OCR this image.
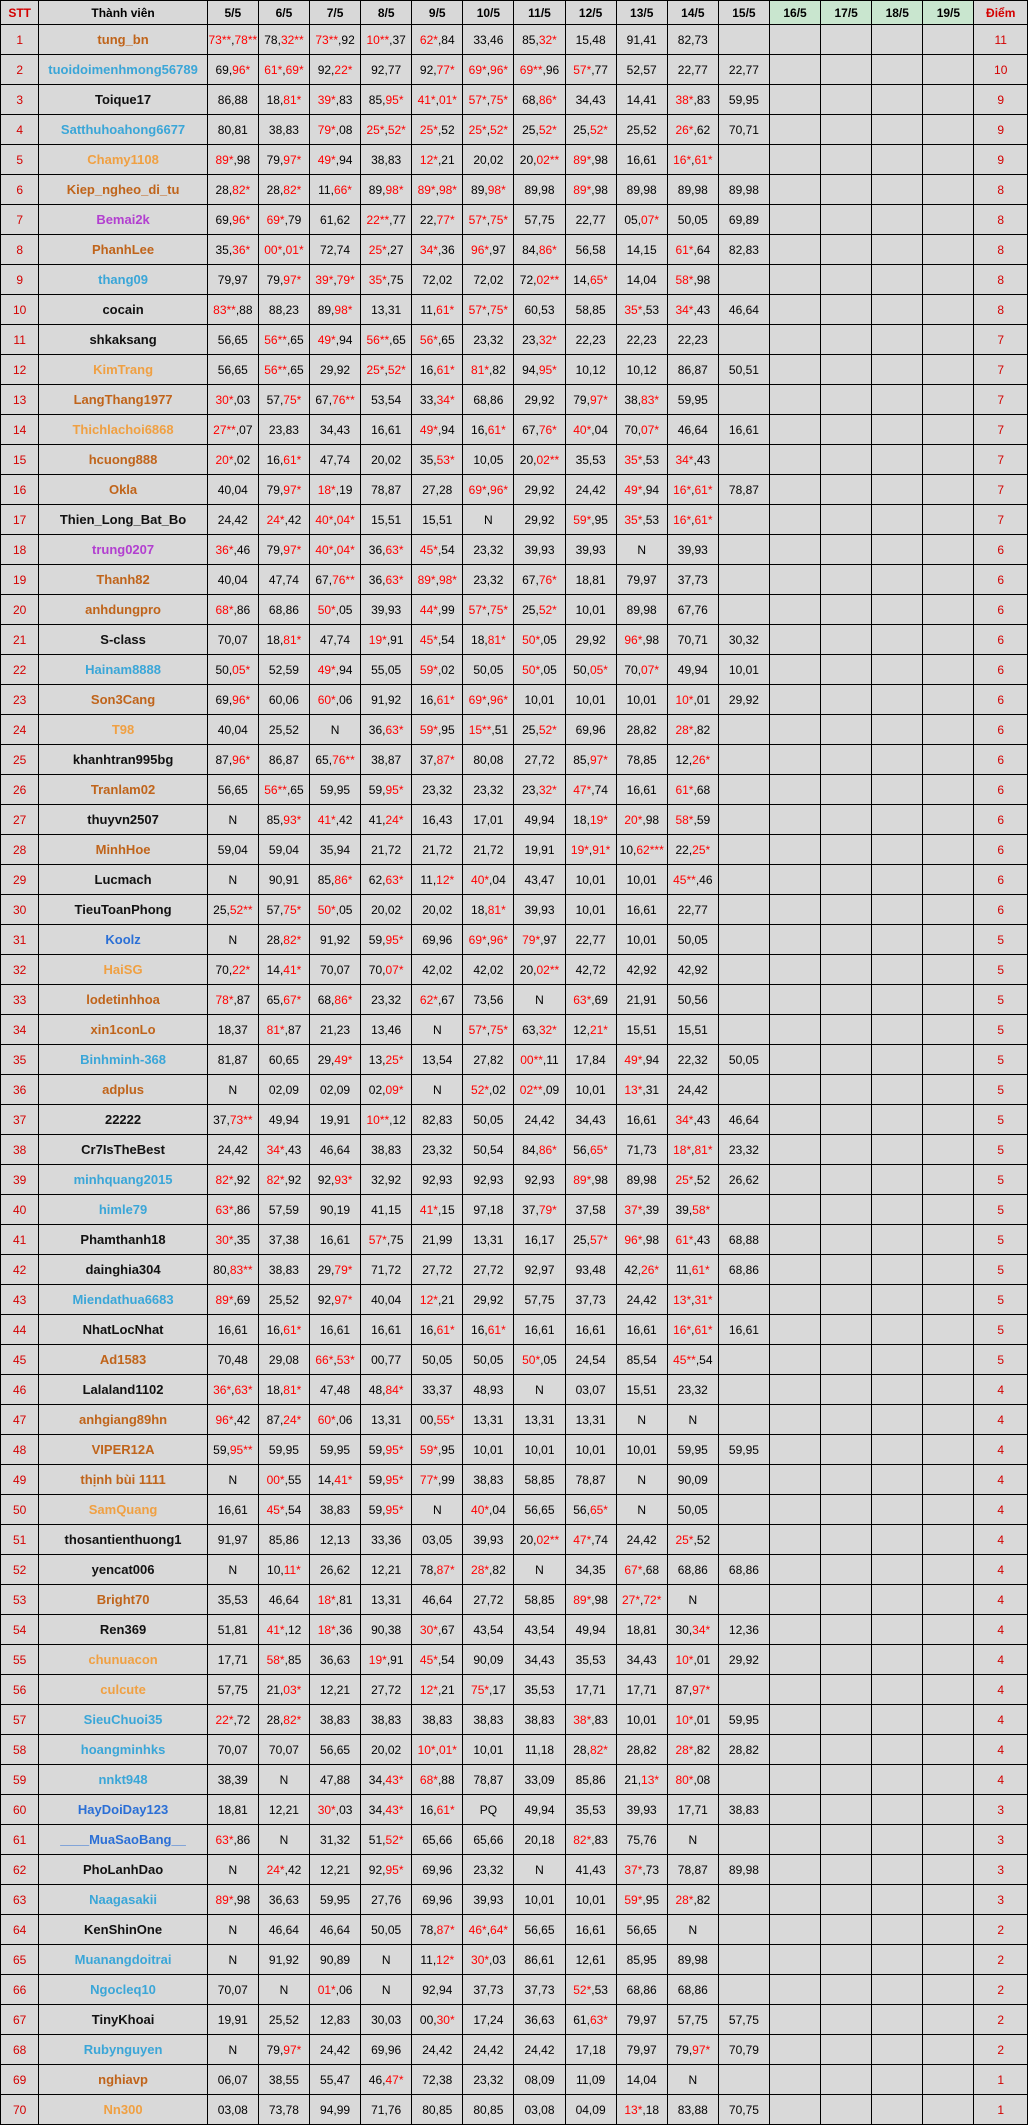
STT	Thành viên	5/5	6/5	7/5	8/5	9/5	10/5	11/5	12/5	13/5	14/5	15/5	16/5	17/5	18/5	19/5	Điểm
1	tung_bn	73**,78**	78,32**	73**,92	10**,37	62*,84	33,46	85,32*	15,48	91,41	82,73						11
2	tuoidoimenhmong56789	69,96*	61*,69*	92,22*	92,77	92,77*	69*,96*	69**,96	57*,77	52,57	22,77	22,77					10
3	Toique17	86,88	18,81*	39*,83	85,95*	41*,01*	57*,75*	68,86*	34,43	14,41	38*,83	59,95					9
4	Satthuhoahong6677	80,81	38,83	79*,08	25*,52*	25*,52	25*,52*	25,52*	25,52*	25,52	26*,62	70,71					9
5	Chamy1108	89*,98	79,97*	49*,94	38,83	12*,21	20,02	20,02**	89*,98	16,61	16*,61*						9
6	Kiep_ngheo_di_tu	28,82*	28,82*	11,66*	89,98*	89*,98*	89,98*	89,98	89*,98	89,98	89,98	89,98					8
7	Bemai2k	69,96*	69*,79	61,62	22**,77	22,77*	57*,75*	57,75	22,77	05,07*	50,05	69,89					8
8	PhanhLee	35,36*	00*,01*	72,74	25*,27	34*,36	96*,97	84,86*	56,58	14,15	61*,64	82,83					8
9	thang09	79,97	79,97*	39*,79*	35*,75	72,02	72,02	72,02**	14,65*	14,04	58*,98						8
10	cocain	83**,88	88,23	89,98*	13,31	11,61*	57*,75*	60,53	58,85	35*,53	34*,43	46,64					8
11	shkaksang	56,65	56**,65	49*,94	56**,65	56*,65	23,32	23,32*	22,23	22,23	22,23						7
12	KimTrang	56,65	56**,65	29,92	25*,52*	16,61*	81*,82	94,95*	10,12	10,12	86,87	50,51					7
13	LangThang1977	30*,03	57,75*	67,76**	53,54	33,34*	68,86	29,92	79,97*	38,83*	59,95						7
14	Thichlachoi6868	27**,07	23,83	34,43	16,61	49*,94	16,61*	67,76*	40*,04	70,07*	46,64	16,61					7
15	hcuong888	20*,02	16,61*	47,74	20,02	35,53*	10,05	20,02**	35,53	35*,53	34*,43						7
16	Okla	40,04	79,97*	18*,19	78,87	27,28	69*,96*	29,92	24,42	49*,94	16*,61*	78,87					7
17	Thien_Long_Bat_Bo	24,42	24*,42	40*,04*	15,51	15,51	N	29,92	59*,95	35*,53	16*,61*						7
18	trung0207	36*,46	79,97*	40*,04*	36,63*	45*,54	23,32	39,93	39,93	N	39,93						6
19	Thanh82	40,04	47,74	67,76**	36,63*	89*,98*	23,32	67,76*	18,81	79,97	37,73						6
20	anhdungpro	68*,86	68,86	50*,05	39,93	44*,99	57*,75*	25,52*	10,01	89,98	67,76						6
21	S-class	70,07	18,81*	47,74	19*,91	45*,54	18,81*	50*,05	29,92	96*,98	70,71	30,32					6
22	Hainam8888	50,05*	52,59	49*,94	55,05	59*,02	50,05	50*,05	50,05*	70,07*	49,94	10,01					6
23	Son3Cang	69,96*	60,06	60*,06	91,92	16,61*	69*,96*	10,01	10,01	10,01	10*,01	29,92					6
24	T98	40,04	25,52	N	36,63*	59*,95	15**,51	25,52*	69,96	28,82	28*,82						6
25	khanhtran995bg	87,96*	86,87	65,76**	38,87	37,87*	80,08	27,72	85,97*	78,85	12,26*						6
26	Tranlam02	56,65	56**,65	59,95	59,95*	23,32	23,32	23,32*	47*,74	16,61	61*,68						6
27	thuyvn2507	N	85,93*	41*,42	41,24*	16,43	17,01	49,94	18,19*	20*,98	58*,59						6
28	MinhHoe	59,04	59,04	35,94	21,72	21,72	21,72	19,91	19*,91*	10,62***	22,25*						6
29	Lucmach	N	90,91	85,86*	62,63*	11,12*	40*,04	43,47	10,01	10,01	45**,46						6
30	TieuToanPhong	25,52**	57,75*	50*,05	20,02	20,02	18,81*	39,93	10,01	16,61	22,77						6
31	Koolz	N	28,82*	91,92	59,95*	69,96	69*,96*	79*,97	22,77	10,01	50,05						5
32	HaiSG	70,22*	14,41*	70,07	70,07*	42,02	42,02	20,02**	42,72	42,92	42,92						5
33	lodetinhhoa	78*,87	65,67*	68,86*	23,32	62*,67	73,56	N	63*,69	21,91	50,56						5
34	xin1conLo	18,37	81*,87	21,23	13,46	N	57*,75*	63,32*	12,21*	15,51	15,51						5
35	Binhminh-368	81,87	60,65	29,49*	13,25*	13,54	27,82	00**,11	17,84	49*,94	22,32	50,05					5
36	adplus	N	02,09	02,09	02,09*	N	52*,02	02**,09	10,01	13*,31	24,42						5
37	22222	37,73**	49,94	19,91	10**,12	82,83	50,05	24,42	34,43	16,61	34*,43	46,64					5
38	Cr7IsTheBest	24,42	34*,43	46,64	38,83	23,32	50,54	84,86*	56,65*	71,73	18*,81*	23,32					5
39	minhquang2015	82*,92	82*,92	92,93*	32,92	92,93	92,93	92,93	89*,98	89,98	25*,52	26,62					5
40	himle79	63*,86	57,59	90,19	41,15	41*,15	97,18	37,79*	37,58	37*,39	39,58*						5
41	Phamthanh18	30*,35	37,38	16,61	57*,75	21,99	13,31	16,17	25,57*	96*,98	61*,43	68,88					5
42	dainghia304	80,83**	38,83	29,79*	71,72	27,72	27,72	92,97	93,48	42,26*	11,61*	68,86					5
43	Miendathua6683	89*,69	25,52	92,97*	40,04	12*,21	29,92	57,75	37,73	24,42	13*,31*						5
44	NhatLocNhat	16,61	16,61*	16,61	16,61	16,61*	16,61*	16,61	16,61	16,61	16*,61*	16,61					5
45	Ad1583	70,48	29,08	66*,53*	00,77	50,05	50,05	50*,05	24,54	85,54	45**,54						5
46	Lalaland1102	36*,63*	18,81*	47,48	48,84*	33,37	48,93	N	03,07	15,51	23,32						4
47	anhgiang89hn	96*,42	87,24*	60*,06	13,31	00,55*	13,31	13,31	13,31	N	N						4
48	VIPER12A	59,95**	59,95	59,95	59,95*	59*,95	10,01	10,01	10,01	10,01	59,95	59,95					4
49	thịnh bùi 1111	N	00*,55	14,41*	59,95*	77*,99	38,83	58,85	78,87	N	90,09						4
50	SamQuang	16,61	45*,54	38,83	59,95*	N	40*,04	56,65	56,65*	N	50,05						4
51	thosantienthuong1	91,97	85,86	12,13	33,36	03,05	39,93	20,02**	47*,74	24,42	25*,52						4
52	yencat006	N	10,11*	26,62	12,21	78,87*	28*,82	N	34,35	67*,68	68,86	68,86					4
53	Bright70	35,53	46,64	18*,81	13,31	46,64	27,72	58,85	89*,98	27*,72*	N						4
54	Ren369	51,81	41*,12	18*,36	90,38	30*,67	43,54	43,54	49,94	18,81	30,34*	12,36					4
55	chunuacon	17,71	58*,85	36,63	19*,91	45*,54	90,09	34,43	35,53	34,43	10*,01	29,92					4
56	culcute	57,75	21,03*	12,21	27,72	12*,21	75*,17	35,53	17,71	17,71	87,97*						4
57	SieuChuoi35	22*,72	28,82*	38,83	38,83	38,83	38,83	38,83	38*,83	10,01	10*,01	59,95					4
58	hoangminhks	70,07	70,07	56,65	20,02	10*,01*	10,01	11,18	28,82*	28,82	28*,82	28,82					4
59	nnkt948	38,39	N	47,88	34,43*	68*,88	78,87	33,09	85,86	21,13*	80*,08						4
60	HayDoiDay123	18,81	12,21	30*,03	34,43*	16,61*	PQ	49,94	35,53	39,93	17,71	38,83					3
61	____MuaSaoBang__	63*,86	N	31,32	51,52*	65,66	65,66	20,18	82*,83	75,76	N						3
62	PhoLanhDao	N	24*,42	12,21	92,95*	69,96	23,32	N	41,43	37*,73	78,87	89,98					3
63	Naagasakii	89*,98	36,63	59,95	27,76	69,96	39,93	10,01	10,01	59*,95	28*,82						3
64	KenShinOne	N	46,64	46,64	50,05	78,87*	46*,64*	56,65	16,61	56,65	N						2
65	Muanangdoitrai	N	91,92	90,89	N	11,12*	30*,03	86,61	12,61	85,95	89,98						2
66	Ngocleq10	70,07	N	01*,06	N	92,94	37,73	37,73	52*,53	68,86	68,86						2
67	TinyKhoai	19,91	25,52	12,83	30,03	00,30*	17,24	36,63	61,63*	79,97	57,75	57,75					2
68	Rubynguyen	N	79,97*	24,42	69,96	24,42	24,42	24,42	17,18	79,97	79,97*	70,79					2
69	nghiavp	06,07	38,55	55,47	46,47*	72,38	23,32	08,09	11,09	14,04	N						1
70	Nn300	03,08	73,78	94,99	71,76	80,85	80,85	03,08	04,09	13*,18	83,88	70,75					1
